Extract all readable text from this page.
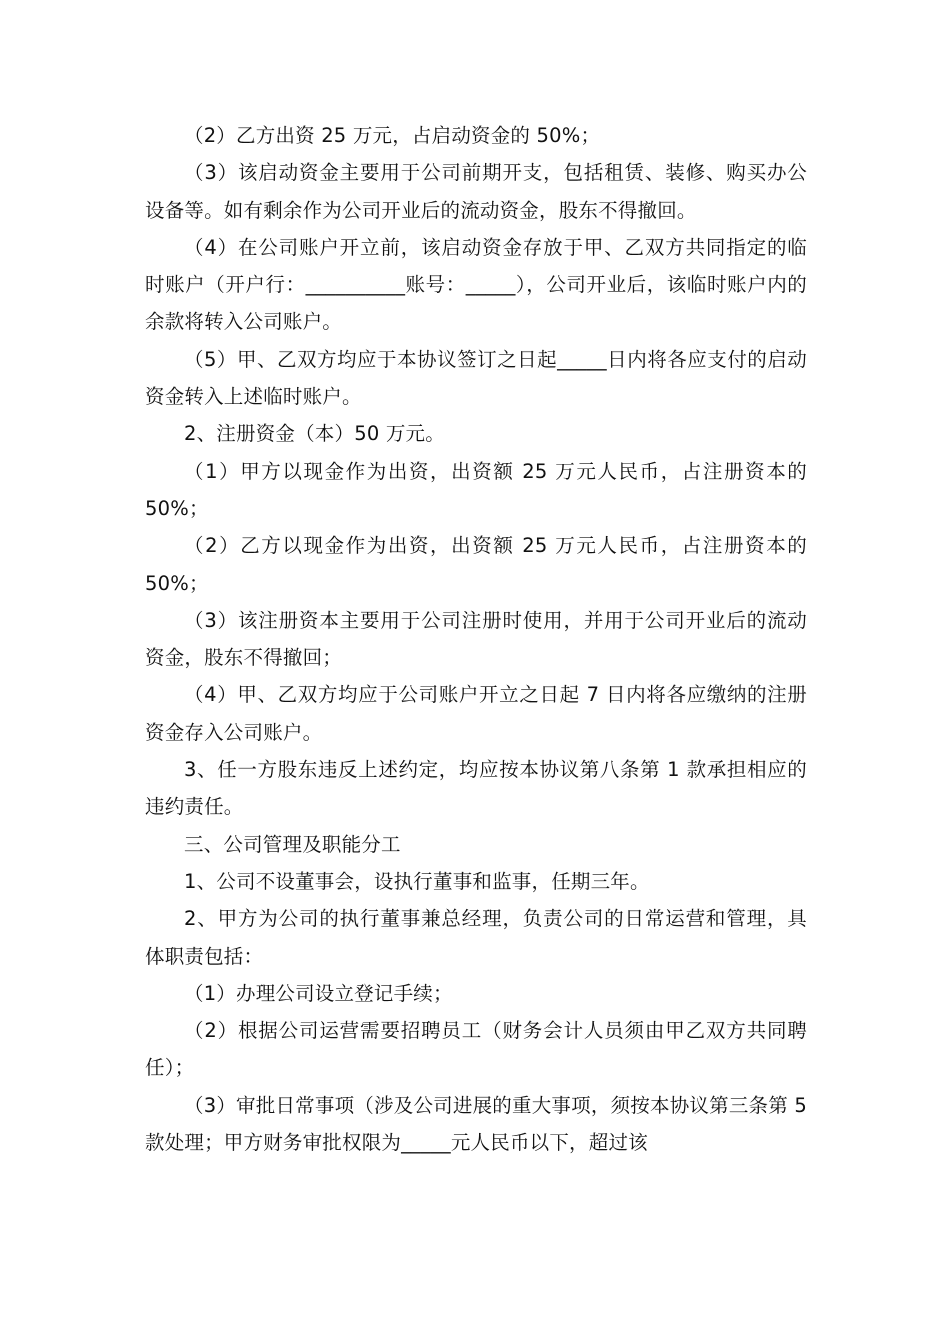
（2）乙方出资 25 万元，占启动资金的 50%；

（3）该启动资金主要用于公司前期开支，包括租赁、装修、购买办公设备等。如有剩余作为公司开业后的流动资金，股东不得撤回。

（4）在公司账户开立前，该启动资金存放于甲、乙双方共同指定的临时账户（开户行：__________账号：_____），公司开业后，该临时账户内的余款将转入公司账户。

（5）甲、乙双方均应于本协议签订之日起_____日内将各应支付的启动资金转入上述临时账户。

2、注册资金（本）50 万元。

（1）甲方以现金作为出资，出资额 25 万元人民币，占注册资本的 50%；

（2）乙方以现金作为出资，出资额 25 万元人民币，占注册资本的 50%；

（3）该注册资本主要用于公司注册时使用，并用于公司开业后的流动资金，股东不得撤回；

（4）甲、乙双方均应于公司账户开立之日起 7 日内将各应缴纳的注册资金存入公司账户。

3、任一方股东违反上述约定，均应按本协议第八条第 1 款承担相应的违约责任。

三、公司管理及职能分工

1、公司不设董事会，设执行董事和监事，任期三年。

2、甲方为公司的执行董事兼总经理，负责公司的日常运营和管理，具体职责包括：

（1）办理公司设立登记手续；

（2）根据公司运营需要招聘员工（财务会计人员须由甲乙双方共同聘任）；

（3）审批日常事项（涉及公司进展的重大事项，须按本协议第三条第 5 款处理；甲方财务审批权限为_____元人民币以下，超过该
